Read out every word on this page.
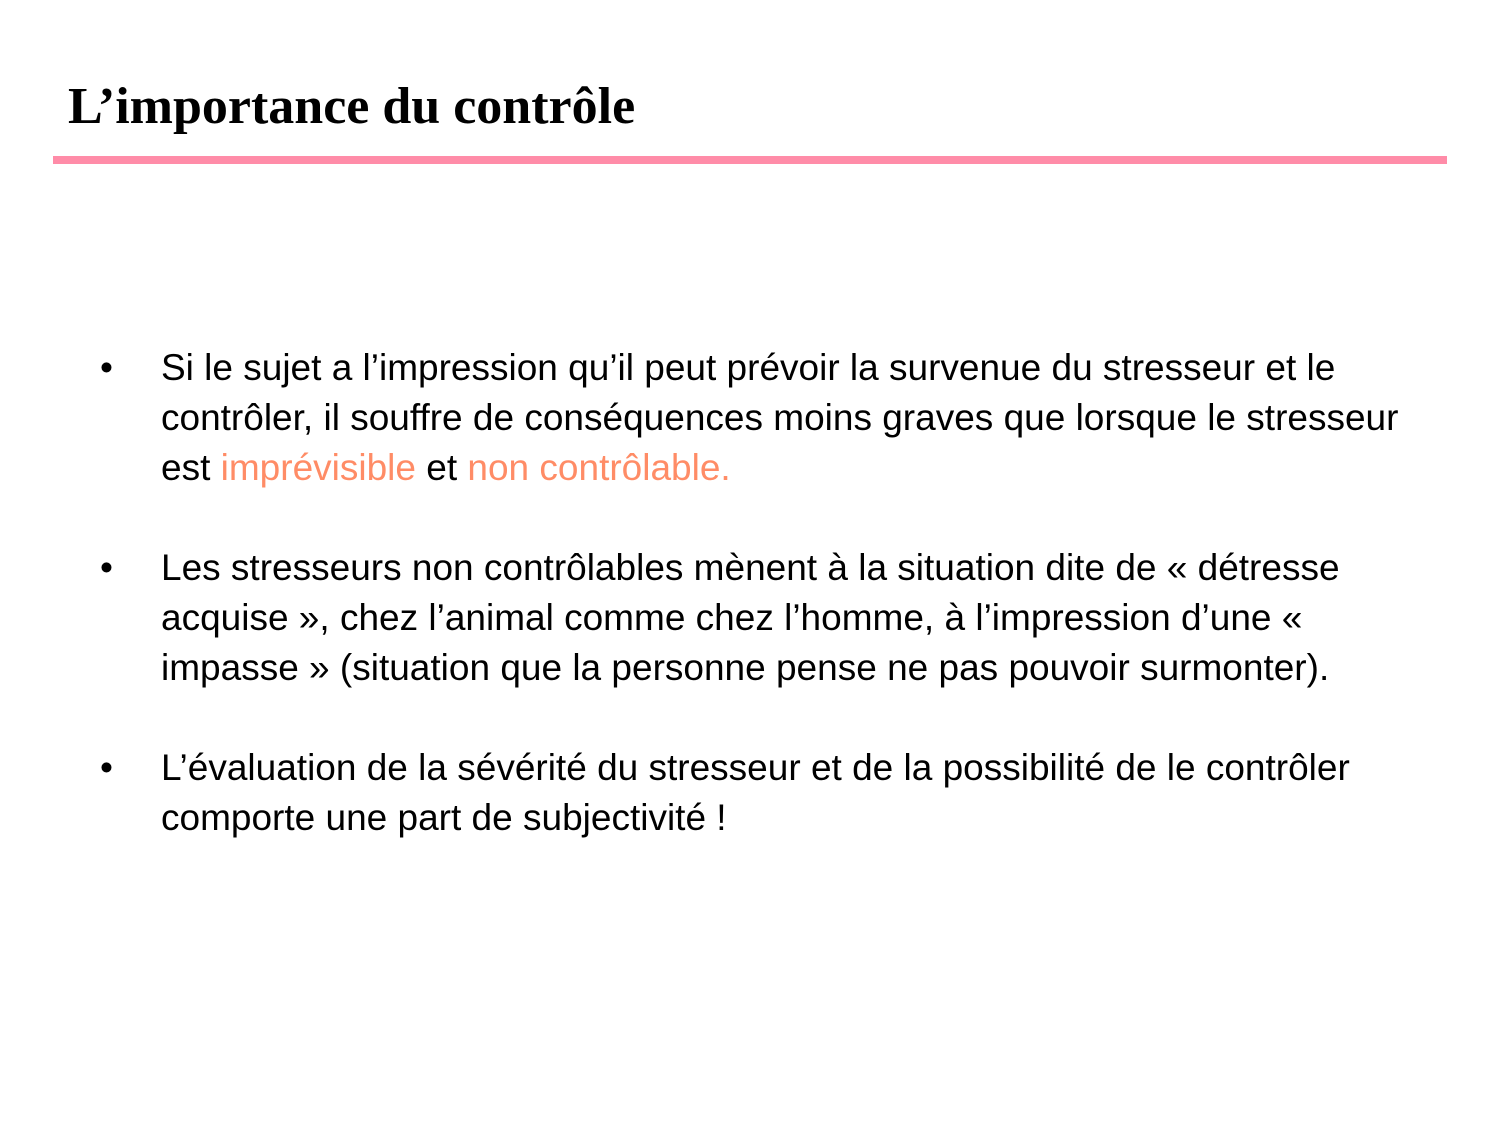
L’importance du contrôle
• Si le sujet a l’impression qu’il peut prévoir la survenue du stresseur et le contrôler, il souffre de conséquences moins graves que lorsque le stresseur est imprévisible et non contrôlable.
• Les stresseurs non contrôlables mènent à la situation dite de « détresse acquise », chez l’animal comme chez l’homme, à l’impression d’une « impasse » (situation que la personne pense ne pas pouvoir surmonter).
• L’évaluation de la sévérité du stresseur et de la possibilité de le contrôler comporte une part de subjectivité !
